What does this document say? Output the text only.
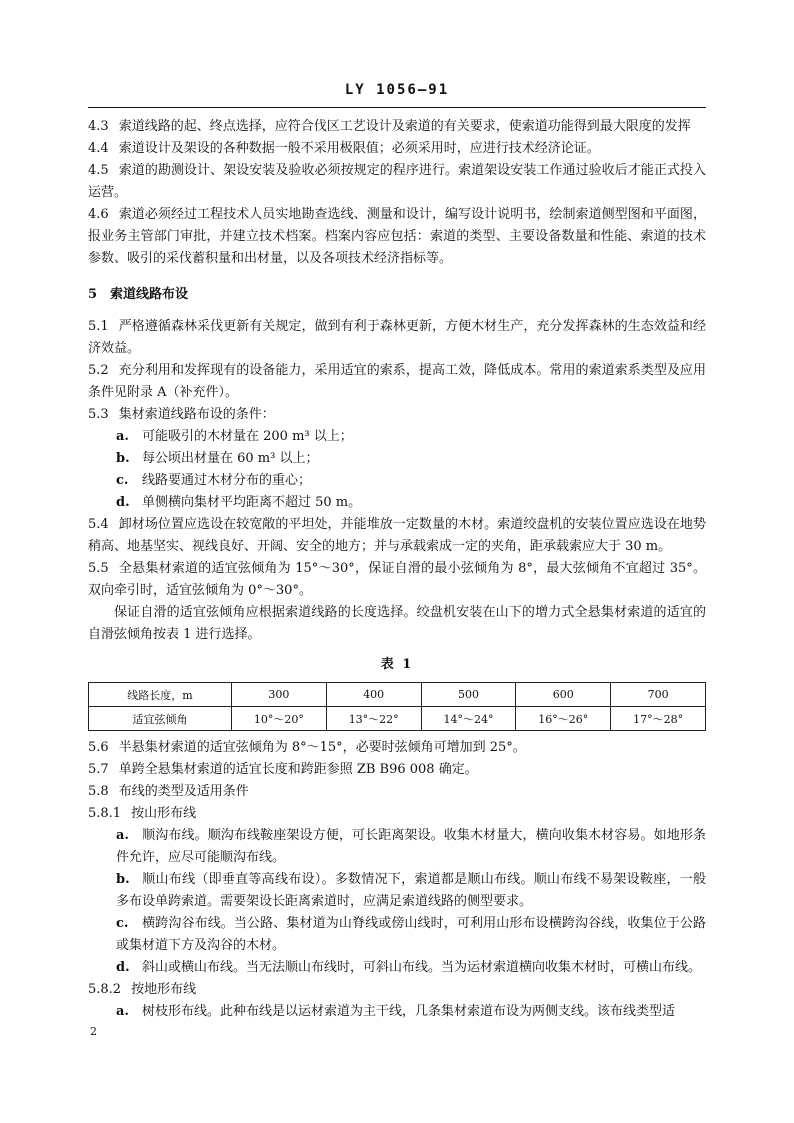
LY 1056—91

4.3 索道线路的起、终点选择，应符合伐区工艺设计及索道的有关要求，使索道功能得到最大限度的发挥

4.4 索道设计及架设的各种数据一般不采用极限值；必须采用时，应进行技术经济论证。

4.5 索道的勘测设计、架设安装及验收必须按规定的程序进行。索道架设安装工作通过验收后才能正式投入运营。

4.6 索道必须经过工程技术人员实地勘查选线、测量和设计，编写设计说明书，绘制索道侧型图和平面图，报业务主管部门审批，并建立技术档案。档案内容应包括：索道的类型、主要设备数量和性能、索道的技术参数、吸引的采伐蓄积量和出材量，以及各项技术经济指标等。

5　索道线路布设

5.1 严格遵循森林采伐更新有关规定，做到有利于森林更新，方便木材生产，充分发挥森林的生态效益和经济效益。

5.2 充分利用和发挥现有的设备能力，采用适宜的索系，提高工效，降低成本。常用的索道索系类型及应用条件见附录 A（补充件）。

5.3 集材索道线路布设的条件：

a. 可能吸引的木材量在 200 m³ 以上；

b. 每公顷出材量在 60 m³ 以上；

c. 线路要通过木材分布的重心；

d. 单侧横向集材平均距离不超过 50 m。

5.4 卸材场位置应选设在较宽敞的平坦处，并能堆放一定数量的木材。索道绞盘机的安装位置应选设在地势稍高、地基坚实、视线良好、开阔、安全的地方；并与承载索成一定的夹角，距承载索应大于 30 m。

5.5 全悬集材索道的适宜弦倾角为 15°～30°，保证自滑的最小弦倾角为 8°，最大弦倾角不宜超过 35°。双向牵引时，适宜弦倾角为 0°～30°。

保证自滑的适宜弦倾角应根据索道线路的长度选择。绞盘机安装在山下的增力式全悬集材索道的适宜的自滑弦倾角按表 1 进行选择。

表 1

线路长度，m	300	400	500	600	700
适宜弦倾角	10°～20°	13°～22°	14°～24°	16°～26°	17°～28°

5.6 半悬集材索道的适宜弦倾角为 8°～15°，必要时弦倾角可增加到 25°。

5.7 单跨全悬集材索道的适宜长度和跨距参照 ZB B96 008 确定。

5.8 布线的类型及适用条件

5.8.1 按山形布线

a. 顺沟布线。顺沟布线鞍座架设方便，可长距离架设。收集木材量大，横向收集木材容易。如地形条件允许，应尽可能顺沟布线。

b. 顺山布线（即垂直等高线布设）。多数情况下，索道都是顺山布线。顺山布线不易架设鞍座，一般多布设单跨索道。需要架设长距离索道时，应满足索道线路的侧型要求。

c. 横跨沟谷布线。当公路、集材道为山脊线或傍山线时，可利用山形布设横跨沟谷线，收集位于公路或集材道下方及沟谷的木材。

d. 斜山或横山布线。当无法顺山布线时，可斜山布线。当为运材索道横向收集木材时，可横山布线。

5.8.2 按地形布线

a. 树枝形布线。此种布线是以运材索道为主干线，几条集材索道布设为两侧支线。该布线类型适

2
